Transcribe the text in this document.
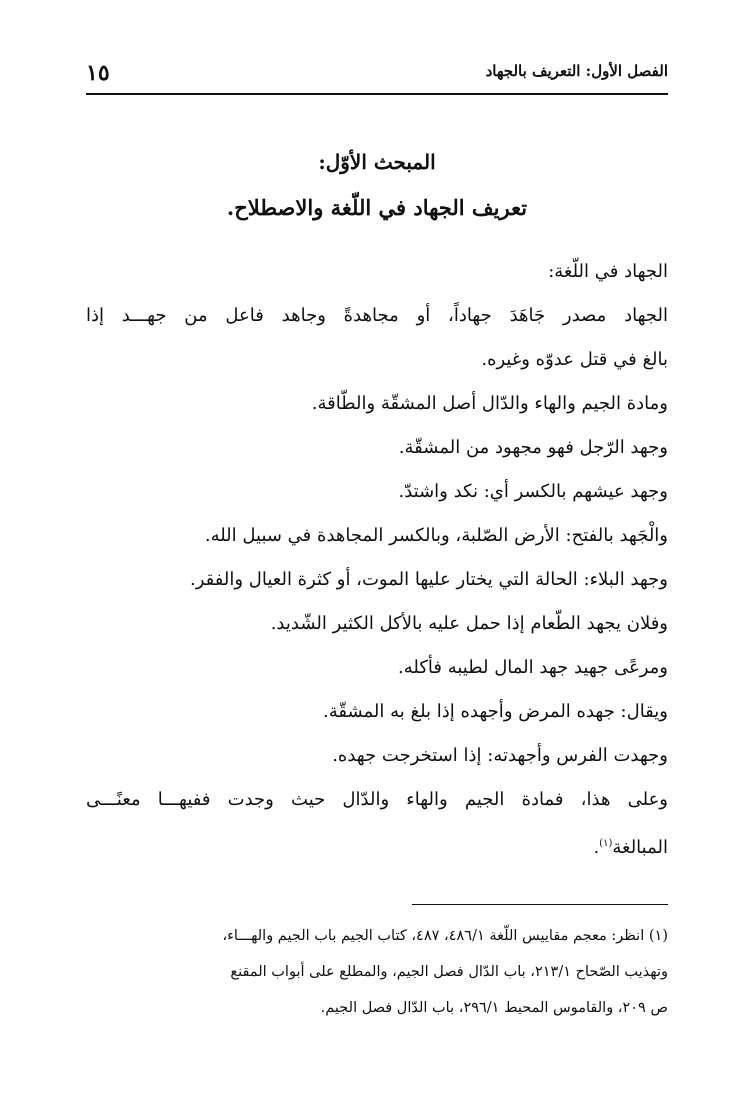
الفصل الأول: التعريف بالجهاد
١٥
المبحث الأوّل:
تعريف الجهاد في اللّغة والاصطلاح.
الجهاد في اللّغة:
الجهاد مصدر جَاهَدَ جهاداً، أو مجاهدةً وجاهد فاعل من جهـــد إذا
بالغ في قتل عدوّه وغيره.
ومادة الجيم والهاء والدّال أصل المشقّة والطّاقة.
وجهد الرّجل فهو مجهود من المشقّة.
وجهد عيشهم بالكسر أي: نكد واشتدّ.
والْجَهد بالفتح: الأرض الصّلبة، وبالكسر المجاهدة في سبيل الله.
وجهد البلاء: الحالة التي يختار عليها الموت، أو كثرة العيال والفقر.
وفلان يجهد الطّعام إذا حمل عليه بالأكل الكثير الشّديد.
ومرعًى جهيد جهد المال لطيبه فأكله.
ويقال: جهده المرض وأجهده إذا بلغ به المشقّة.
وجهدت الفرس وأجهدته: إذا استخرجت جهده.
وعلى هذا، فمادة الجيم والهاء والدّال حيث وجدت ففيهـــا معنًـــى
المبالغة$^{(١)}$.
(١) انظر: معجم مقاييس اللّغة ٤٨٦/١، ٤٨٧، كتاب الجيم باب الجيم والهـــاء،
وتهذيب الصّحاح ٢١٣/١، باب الدّال فصل الجيم، والمطلع على أبواب المقنع
ص ٢٠٩، والقاموس المحيط ٢٩٦/١، باب الدّال فصل الجيم.
